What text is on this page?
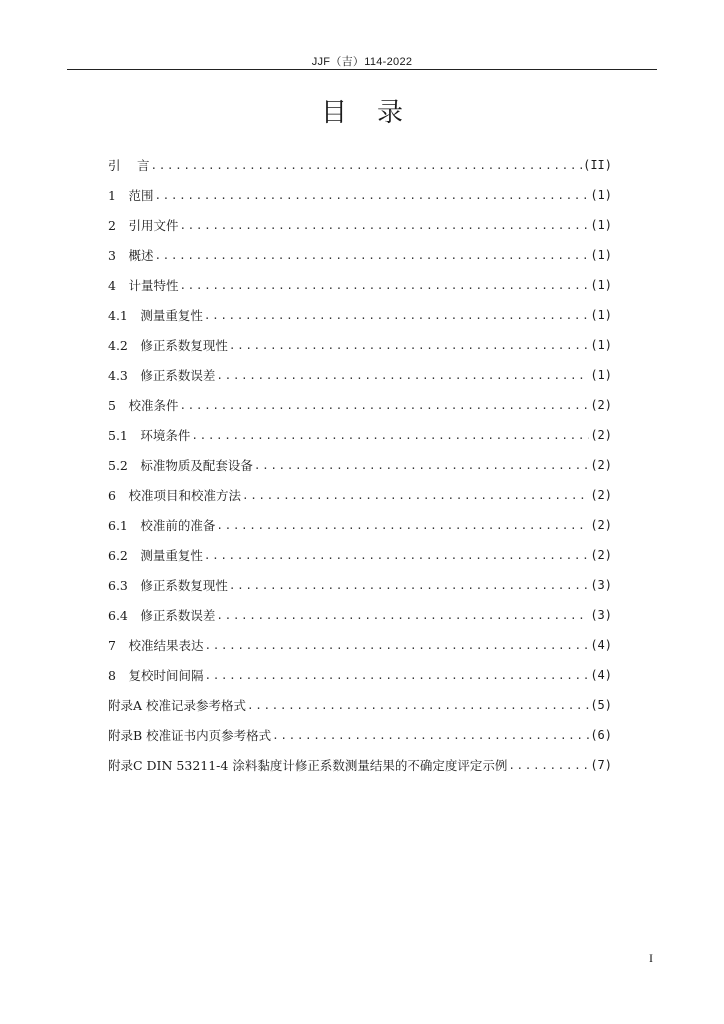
JJF（吉）114-2022
目录
引　 言 .....	(II)
1　范围 .....	(1)
2　引用文件 .....	(1)
3　概述 .....	(1)
4　计量特性 .....	(1)
4.1　测量重复性 .....	(1)
4.2　修正系数复现性 .....	(1)
4.3　修正系数误差 .....	(1)
5　校准条件 .....	(2)
5.1　环境条件 .....	(2)
5.2　标准物质及配套设备 .....	(2)
6　校准项目和校准方法 .....	(2)
6.1　校准前的准备 .....	(2)
6.2　测量重复性 .....	(2)
6.3　修正系数复现性 .....	(3)
6.4　修正系数误差 .....	(3)
7　校准结果表达 .....	(4)
8　复校时间间隔 .....	(4)
附录A 校准记录参考格式 .....	(5)
附录B 校准证书内页参考格式 .....	(6)
附录C DIN 53211-4 涂料黏度计修正系数测量结果的不确定度评定示例 .....	(7)
I
